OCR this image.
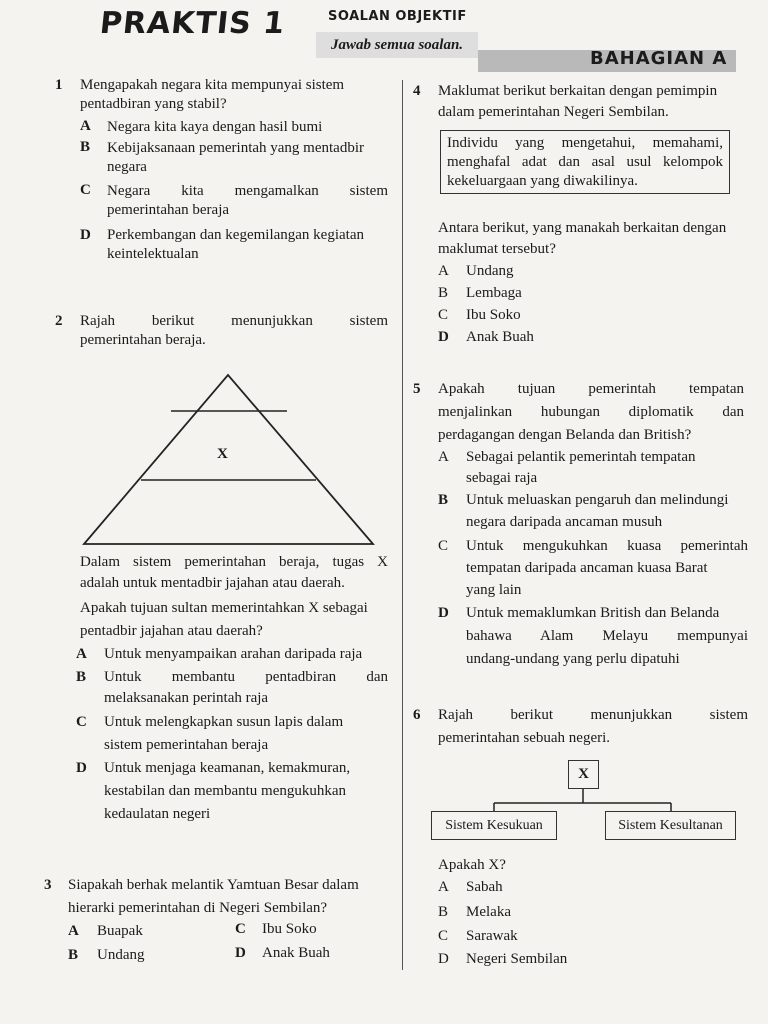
PRAKTIS 1	SOALAN OBJEKTIF
Jawab semua soalan.
BAHAGIAN A
1 Mengapakah negara kita mempunyai sistem
pentadbiran yang stabil?
A Negara kita kaya dengan hasil bumi
B Kebijaksanaan pemerintah yang mentadbir
negara
C Negara kita mengamalkan sistem
pemerintahan beraja
D Perkembangan dan kegemilangan kegiatan
keintelektualan
2 Rajah berikut menunjukkan sistem
pemerintahan beraja.
X
Dalam sistem pemerintahan beraja, tugas X
adalah untuk mentadbir jajahan atau daerah.
Apakah tujuan sultan memerintahkan X sebagai
pentadbir jajahan atau daerah?
A Untuk menyampaikan arahan daripada raja
B Untuk membantu pentadbiran dan
melaksanakan perintah raja
C Untuk melengkapkan susun lapis dalam
sistem pemerintahan beraja
D Untuk menjaga keamanan, kemakmuran,
kestabilan dan membantu mengukuhkan
kedaulatan negeri
3 Siapakah berhak melantik Yamtuan Besar dalam
hierarki pemerintahan di Negeri Sembilan?
A Buapak	C Ibu Soko
B Undang	D Anak Buah
4 Maklumat berikut berkaitan dengan pemimpin
dalam pemerintahan Negeri Sembilan.
Individu yang mengetahui, memahami,
menghafal adat dan asal usul kelompok
kekeluargaan yang diwakilinya.
Antara berikut, yang manakah berkaitan dengan
maklumat tersebut?
A Undang
B Lembaga
C Ibu Soko
D Anak Buah
5 Apakah tujuan pemerintah tempatan
menjalinkan hubungan diplomatik dan
perdagangan dengan Belanda dan British?
A Sebagai pelantik pemerintah tempatan
sebagai raja
B Untuk meluaskan pengaruh dan melindungi
negara daripada ancaman musuh
C Untuk mengukuhkan kuasa pemerintah
tempatan daripada ancaman kuasa Barat
yang lain
D Untuk memaklumkan British dan Belanda
bahawa Alam Melayu mempunyai
undang-undang yang perlu dipatuhi
6 Rajah berikut menunjukkan sistem
pemerintahan sebuah negeri.
X
Sistem Kesukuan	Sistem Kesultanan
Apakah X?
A Sabah
B Melaka
C Sarawak
D Negeri Sembilan
